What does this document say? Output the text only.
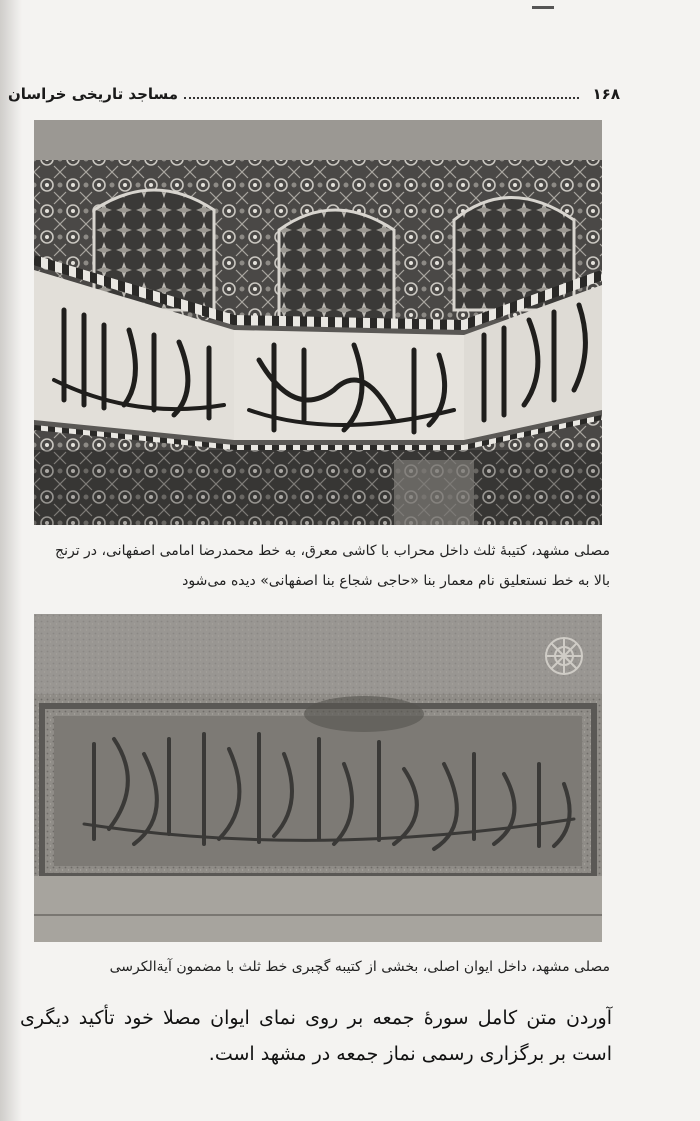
۱۶۸
مساجد تاریخی خراسان
مصلی مشهد، کتیبهٔ ثلث داخل محراب با کاشی معرق، به خط محمدرضا امامی اصفهانی، در ترنج
بالا به خط نستعلیق نام معمار بنا «حاجی شجاع بنا اصفهانی» دیده می‌شود
مصلی مشهد، داخل ایوان اصلی، بخشی از کتیبه گچبری خط ثلث با مضمون آیة‌الکرسی
آوردن متن کامل سورهٔ جمعه بر روی نمای ایوان مصلا خود تأکید دیگری است بر برگزاری رسمی نماز جمعه در مشهد است.
